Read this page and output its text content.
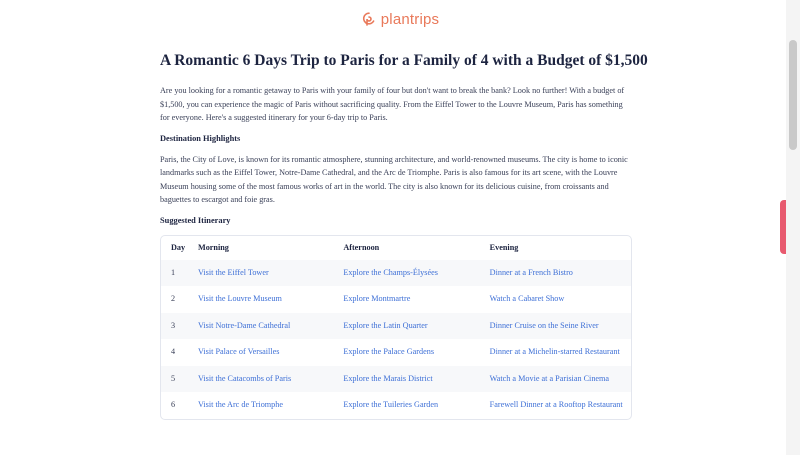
plantrips
A Romantic 6 Days Trip to Paris for a Family of 4 with a Budget of $1,500

Are you looking for a romantic getaway to Paris with your family of four but don't want to break the bank? Look no further! With a budget of $1,500, you can experience the magic of Paris without sacrificing quality. From the Eiffel Tower to the Louvre Museum, Paris has something for everyone. Here's a suggested itinerary for your 6-day trip to Paris.

Destination Highlights

Paris, the City of Love, is known for its romantic atmosphere, stunning architecture, and world-renowned museums. The city is home to iconic landmarks such as the Eiffel Tower, Notre-Dame Cathedral, and the Arc de Triomphe. Paris is also famous for its art scene, with the Louvre Museum housing some of the most famous works of art in the world. The city is also known for its delicious cuisine, from croissants and baguettes to escargot and foie gras.

Suggested Itinerary
Day	Morning	Afternoon	Evening
1	Visit the Eiffel Tower	Explore the Champs-Élysées	Dinner at a French Bistro
2	Visit the Louvre Museum	Explore Montmartre	Watch a Cabaret Show
3	Visit Notre-Dame Cathedral	Explore the Latin Quarter	Dinner Cruise on the Seine River
4	Visit Palace of Versailles	Explore the Palace Gardens	Dinner at a Michelin-starred Restaurant
5	Visit the Catacombs of Paris	Explore the Marais District	Watch a Movie at a Parisian Cinema
6	Visit the Arc de Triomphe	Explore the Tuileries Garden	Farewell Dinner at a Rooftop Restaurant
